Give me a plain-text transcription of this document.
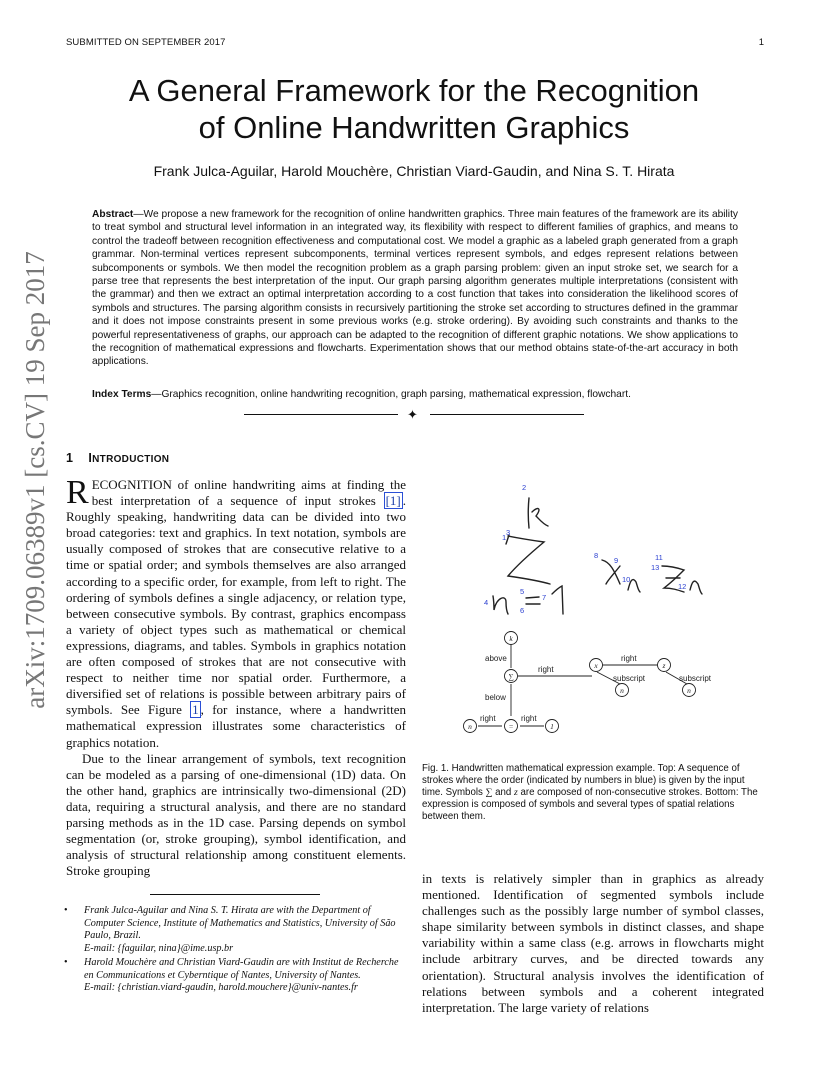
SUBMITTED ON SEPTEMBER 2017	1
A General Framework for the Recognition
of Online Handwritten Graphics
Frank Julca-Aguilar, Harold Mouchère, Christian Viard-Gaudin, and Nina S. T. Hirata
Abstract—We propose a new framework for the recognition of online handwritten graphics. Three main features of the framework are its ability to treat symbol and structural level information in an integrated way, its flexibility with respect to different families of graphics, and means to control the tradeoff between recognition effectiveness and computational cost. We model a graphic as a labeled graph generated from a graph grammar. Non-terminal vertices represent subcomponents, terminal vertices represent symbols, and edges represent relations between subcomponents or symbols. We then model the recognition problem as a graph parsing problem: given an input stroke set, we search for a parse tree that represents the best interpretation of the input. Our graph parsing algorithm generates multiple interpretations (consistent with the grammar) and then we extract an optimal interpretation according to a cost function that takes into consideration the likelihood scores of symbols and structures. The parsing algorithm consists in recursively partitioning the stroke set according to structures defined in the grammar and it does not impose constraints present in some previous works (e.g. stroke ordering). By avoiding such constraints and thanks to the powerful representativeness of graphs, our approach can be adapted to the recognition of different graphic notations. We show applications to the recognition of mathematical expressions and flowcharts. Experimentation shows that our method obtains state-of-the-art accuracy in both applications.
Index Terms—Graphics recognition, online handwriting recognition, graph parsing, mathematical expression, flowchart.
✦
arXiv:1709.06389v1 [cs.CV] 19 Sep 2017 1 INTRODUCTION

RECOGNITION of online handwriting aims at finding the best interpretation of a sequence of input strokes [1] . Roughly speaking, handwriting data can be divided into two broad categories: text and graphics. In text notation, symbols are usually composed of strokes that are consecutive relative to a time or spatial order; and symbols themselves are also arranged according to a specific order, for example, from left to right. The ordering of symbols defines a single adjacency, or relation type, between consecutive symbols. By contrast, graphics encompass a variety of object types such as mathematical or chemical expressions, diagrams, and tables. Symbols in graphics notation are often composed of strokes that are not consecutive with respect to neither time nor spatial order. Furthermore, a diversified set of relations is possible between arbitrary pairs of symbols. See Figure 1 , for instance, where a handwritten mathematical expression illustrates some characteristics of graphics notation.

Due to the linear arrangement of symbols, text recognition can be modeled as a parsing of one-dimensional (1D) data. On the other hand, graphics are intrinsically two-dimensional (2D) data, requiring a structural analysis, and there are no standard parsing methods as in the 1D case. Parsing depends on symbol segmentation (or, stroke grouping), symbol identification, and analysis of structural relationship among constituent elements. Stroke grouping

• Frank Julca-Aguilar and Nina S. T. Hirata are with the Department of Computer Science, Institute of Mathematics and Statistics, University of São Paulo, Brazil.
E-mail: {faguilar, nina}@ime.usp.br
• Harold Mouchère and Christian Viard-Gaudin are with Institut de Recherche en Communications et Cyberntique of Nantes, University of Nantes.
E-mail: {christian.viard-gaudin, harold.mouchere}@univ-nantes.fr
1
2
3
4
5
6
7
8
9
10
11
12
13
k
∑
n	=	1
x
n
z
n
above
below
right
right
right	right
subscript	subscript
Fig. 1. Handwritten mathematical expression example. Top: A sequence of strokes where the order (indicated by numbers in blue) is given by the input time. Symbols ∑ and z are composed of non-consecutive strokes. Bottom: The expression is composed of symbols and several types of spatial relations between them.
in texts is relatively simpler than in graphics as already mentioned. Identification of segmented symbols include challenges such as the possibly large number of symbol classes, shape similarity between symbols in distinct classes, and shape variability within a same class (e.g. arrows in flowcharts might include arbitrary curves, and be directed towards any orientation). Structural analysis involves the identification of relations between symbols and a coherent integrated interpretation. The large variety of relations
